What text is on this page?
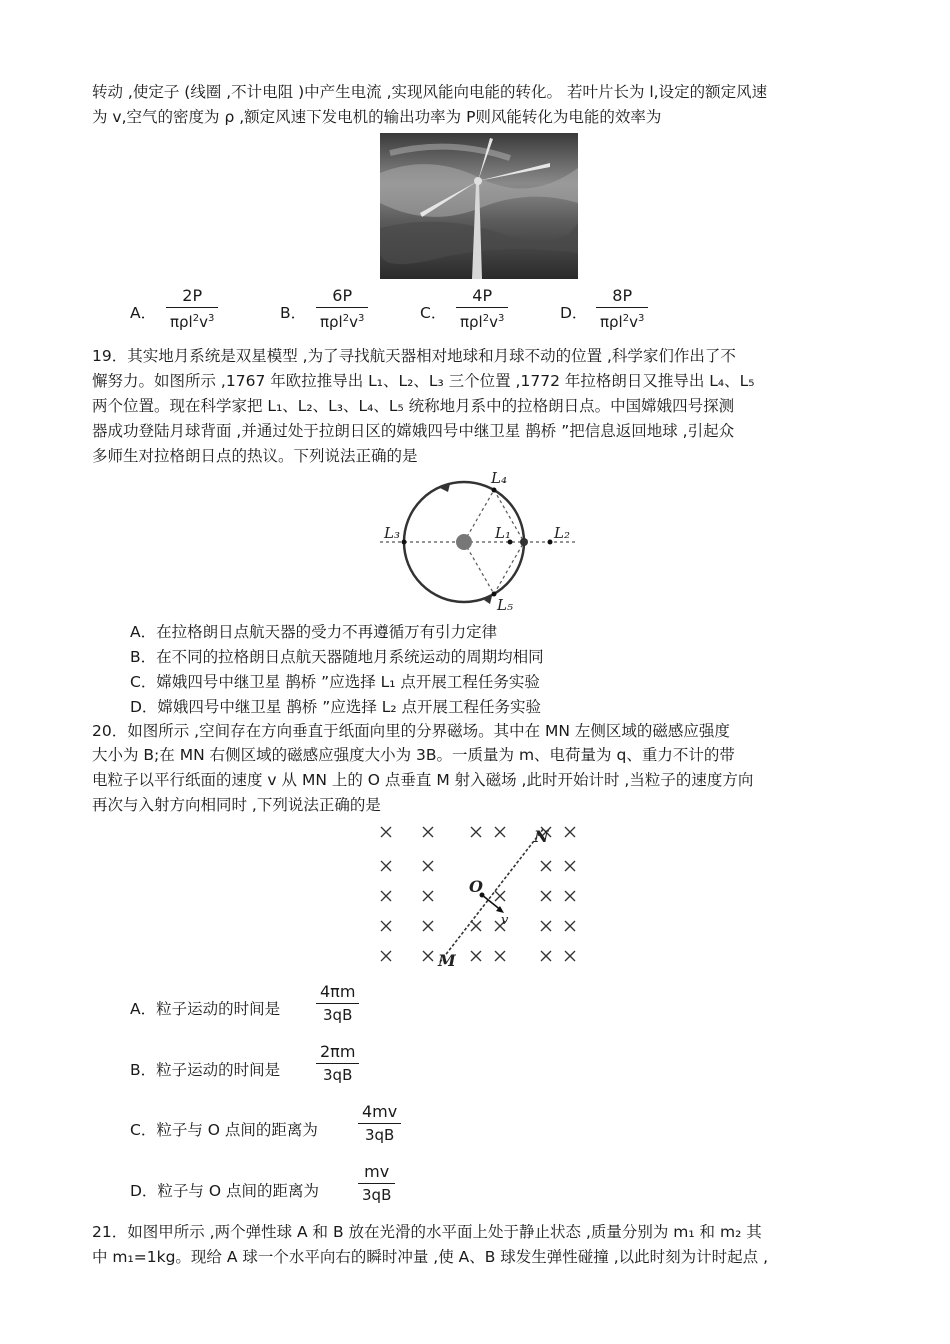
转动 ,使定子 (线圈 ,不计电阻 )中产生电流 ,实现风能向电能的转化。 若叶片长为 l,设定的额定风速
为 v,空气的密度为 ρ ,额定风速下发电机的输出功率为 P则风能转化为电能的效率为
A．
2P
$\pi\rho l^2v^3$	B．
6P
$\pi\rho l^2v^3$	C．
4P
$\pi\rho l^2v^3$	D．
8P
$\pi\rho l^2v^3$
19．其实地月系统是双星模型 ,为了寻找航天器相对地球和月球不动的位置 ,科学家们作出了不
懈努力。如图所示 ,1767 年欧拉推导出 L₁、L₂、L₃ 三个位置 ,1772 年拉格朗日又推导出 L₄、L₅
两个位置。现在科学家把 L₁、L₂、L₃、L₄、L₅ 统称地月系中的拉格朗日点。中国嫦娥四号探测
器成功登陆月球背面 ,并通过处于拉朗日区的嫦娥四号中继卫星 鹊桥 ”把信息返回地球 ,引起众
多师生对拉格朗日点的热议。下列说法正确的是
L₄
L₁	L₂
L₃
L₅
A．在拉格朗日点航天器的受力不再遵循万有引力定律
B．在不同的拉格朗日点航天器随地月系统运动的周期均相同
C．嫦娥四号中继卫星 鹊桥 ”应选择 L₁ 点开展工程任务实验
D．嫦娥四号中继卫星 鹊桥 ”应选择 L₂ 点开展工程任务实验
20．如图所示 ,空间存在方向垂直于纸面向里的分界磁场。其中在 MN 左侧区域的磁感应强度
大小为 B;在 MN 右侧区域的磁感应强度大小为 3B。一质量为 m、电荷量为 q、重力不计的带
电粒子以平行纸面的速度 v 从 MN 上的 O 点垂直 M 射入磁场 ,此时开始计时 ,当粒子的速度方向
再次与入射方向相同时 ,下列说法正确的是
N
O
v
M
A．粒子运动的时间是
4πm
3qB
B．粒子运动的时间是
2πm
3qB
C．粒子与 O 点间的距离为
4mv
3qB
D．粒子与 O 点间的距离为
mv
3qB
21．如图甲所示 ,两个弹性球 A 和 B 放在光滑的水平面上处于静止状态 ,质量分别为 m₁ 和 m₂ 其
中 m₁=1kg。现给 A 球一个水平向右的瞬时冲量 ,使 A、B 球发生弹性碰撞 ,以此时刻为计时起点 ,
